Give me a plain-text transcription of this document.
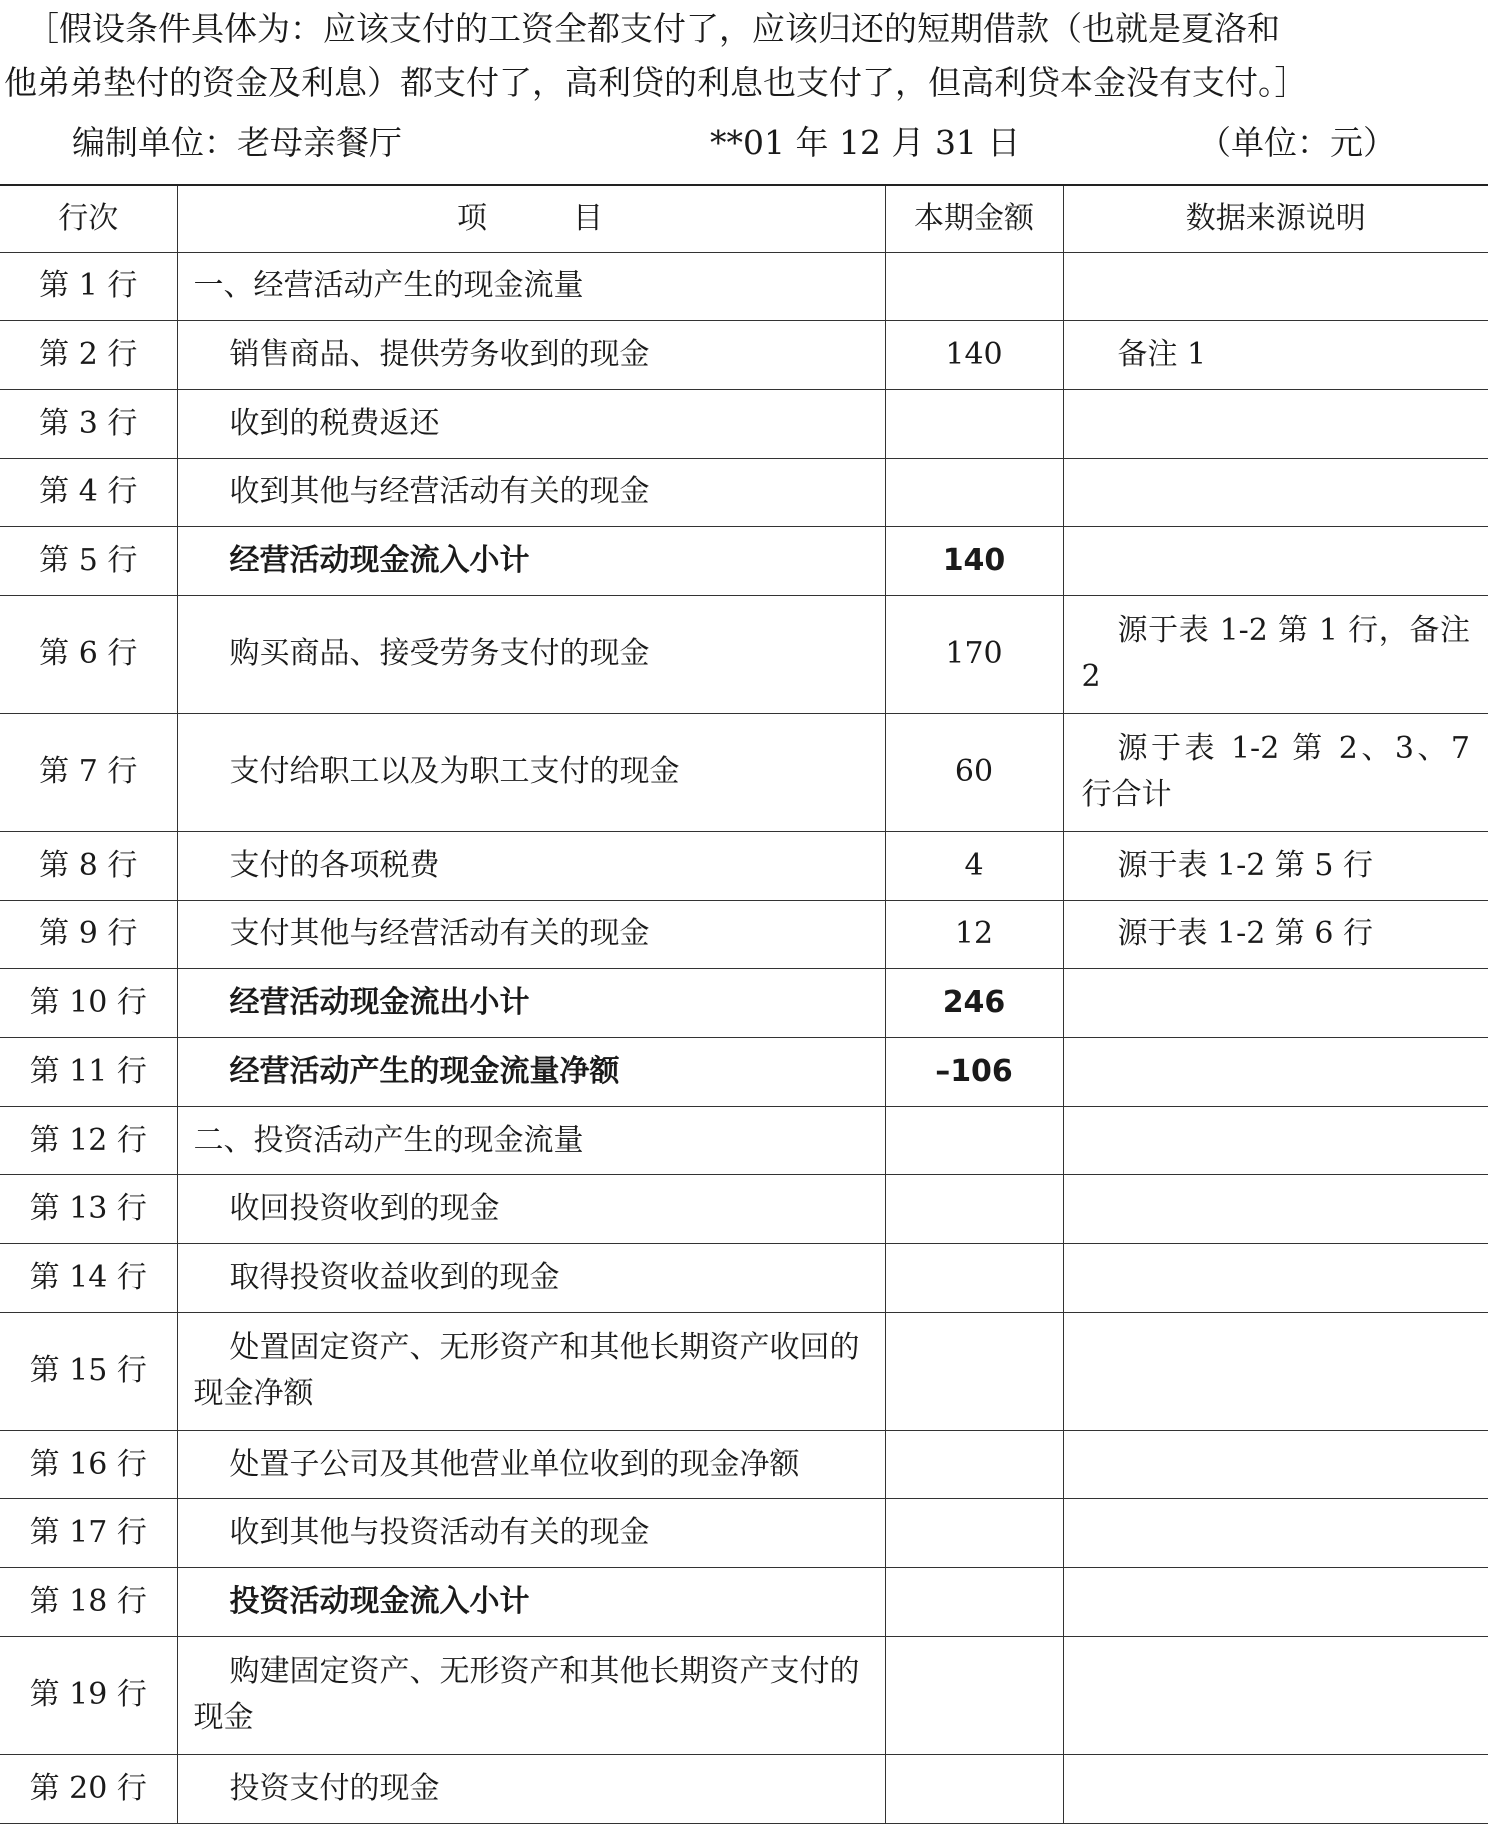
［假设条件具体为：应该支付的工资全都支付了，应该归还的短期借款（也就是夏洛和
他弟弟垫付的资金及利息）都支付了，高利贷的利息也支付了，但高利贷本金没有支付。］

编制单位：老母亲餐厅	**01 年 12 月 31 日	（单位：元）
行次	项 目	本期金额	数据来源说明
第 1 行	一、经营活动产生的现金流量		
第 2 行	销售商品、提供劳务收到的现金	140	备注 1
第 3 行	收到的税费返还		
第 4 行	收到其他与经营活动有关的现金		
第 5 行	经营活动现金流入小计	140	
第 6 行	购买商品、接受劳务支付的现金	170	源于表 1-2 第 1 行，备注 2
第 7 行	支付给职工以及为职工支付的现金	60	源于表 1-2 第 2、3、7 行合计
第 8 行	支付的各项税费	4	源于表 1-2 第 5 行
第 9 行	支付其他与经营活动有关的现金	12	源于表 1-2 第 6 行
第 10 行	经营活动现金流出小计	246	
第 11 行	经营活动产生的现金流量净额	–106	
第 12 行	二、投资活动产生的现金流量		
第 13 行	收回投资收到的现金		
第 14 行	取得投资收益收到的现金		
第 15 行	处置固定资产、无形资产和其他长期资产收回的现金净额		
第 16 行	处置子公司及其他营业单位收到的现金净额		
第 17 行	收到其他与投资活动有关的现金		
第 18 行	投资活动现金流入小计		
第 19 行	购建固定资产、无形资产和其他长期资产支付的现金		
第 20 行	投资支付的现金		
